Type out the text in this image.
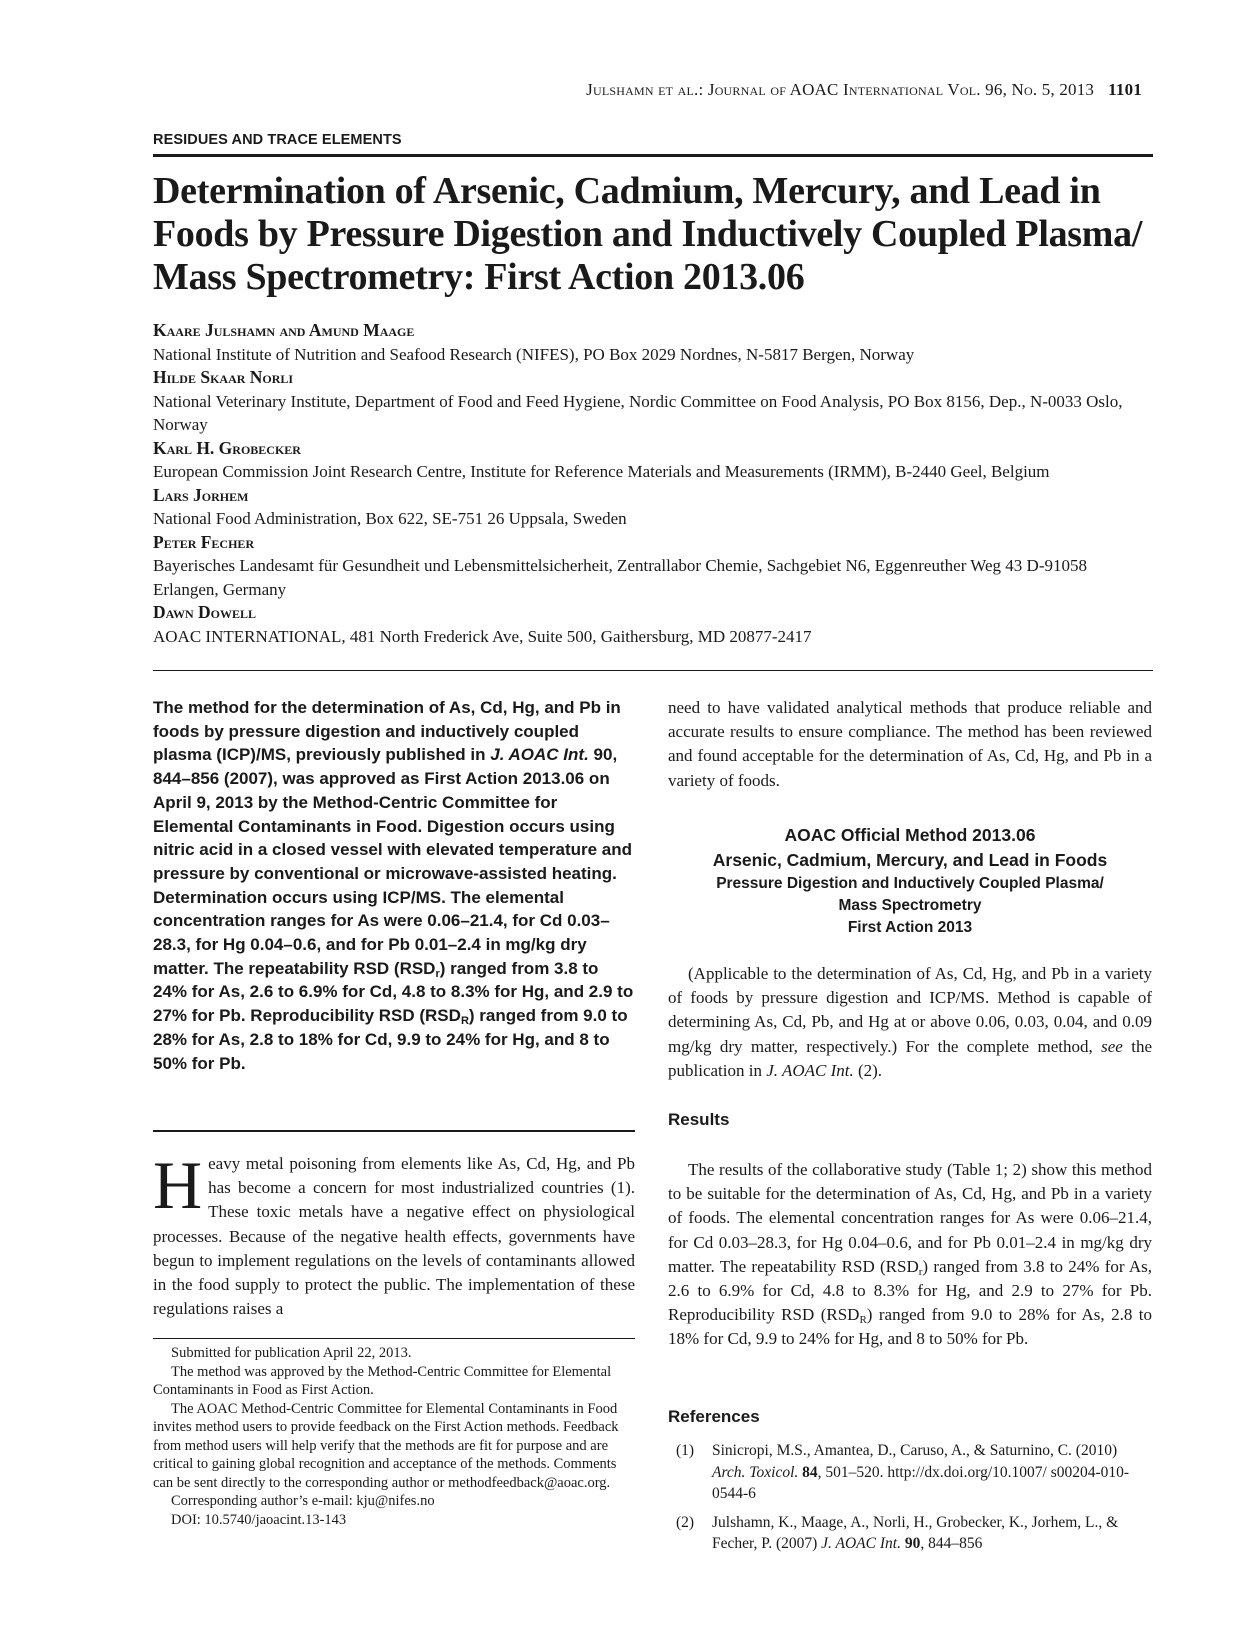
Julshamn et al.: Journal of AOAC International Vol. 96, No. 5, 2013 1101
RESIDUES AND TRACE ELEMENTS
Determination of Arsenic, Cadmium, Mercury, and Lead in Foods by Pressure Digestion and Inductively Coupled Plasma/ Mass Spectrometry: First Action 2013.06
Kaare Julshamn and Amund Maage
National Institute of Nutrition and Seafood Research (NIFES), PO Box 2029 Nordnes, N-5817 Bergen, Norway
Hilde Skaar Norli
National Veterinary Institute, Department of Food and Feed Hygiene, Nordic Committee on Food Analysis, PO Box 8156, Dep., N-0033 Oslo, Norway
Karl H. Grobecker
European Commission Joint Research Centre, Institute for Reference Materials and Measurements (IRMM), B-2440 Geel, Belgium
Lars Jorhem
National Food Administration, Box 622, SE-751 26 Uppsala, Sweden
Peter Fecher
Bayerisches Landesamt für Gesundheit und Lebensmittelsicherheit, Zentrallabor Chemie, Sachgebiet N6, Eggenreuther Weg 43 D-91058 Erlangen, Germany
Dawn Dowell
AOAC INTERNATIONAL, 481 North Frederick Ave, Suite 500, Gaithersburg, MD 20877-2417

The method for the determination of As, Cd, Hg, and Pb in foods by pressure digestion and inductively coupled plasma (ICP)/MS, previously published in J. AOAC Int. 90, 844–856 (2007), was approved as First Action 2013.06 on April 9, 2013 by the Method-Centric Committee for Elemental Contaminants in Food. Digestion occurs using nitric acid in a closed vessel with elevated temperature and pressure by conventional or microwave-assisted heating. Determination occurs using ICP/MS. The elemental concentration ranges for As were 0.06–21.4, for Cd 0.03–28.3, for Hg 0.04–0.6, and for Pb 0.01–2.4 in mg/kg dry matter. The repeatability RSD $(RSD_r)$ ranged from 3.8 to 24% for As, 2.6 to 6.9% for Cd, 4.8 to 8.3% for Hg, and 2.9 to 27% for Pb. Reproducibility RSD $(RSD_R)$ ranged from 9.0 to 28% for As, 2.8 to 18% for Cd, 9.9 to 24% for Hg, and 8 to 50% for Pb.

Heavy metal poisoning from elements like As, Cd, Hg, and Pb has become a concern for most industrialized countries (1). These toxic metals have a negative effect on physiological processes. Because of the negative health effects, governments have begun to implement regulations on the levels of contaminants allowed in the food supply to protect the public. The implementation of these regulations raises a

Submitted for publication April 22, 2013.

The method was approved by the Method-Centric Committee for Elemental Contaminants in Food as First Action.

The AOAC Method-Centric Committee for Elemental Contaminants in Food invites method users to provide feedback on the First Action methods. Feedback from method users will help verify that the methods are fit for purpose and are critical to gaining global recognition and acceptance of the methods. Comments can be sent directly to the corresponding author or methodfeedback@aoac.org.

Corresponding author’s e-mail: kju@nifes.no

DOI: 10.5740/jaoacint.13-143

need to have validated analytical methods that produce reliable and accurate results to ensure compliance. The method has been reviewed and found acceptable for the determination of As, Cd, Hg, and Pb in a variety of foods.

AOAC Official Method 2013.06
Arsenic, Cadmium, Mercury, and Lead in Foods
Pressure Digestion and Inductively Coupled Plasma/
Mass Spectrometry
First Action 2013

(Applicable to the determination of As, Cd, Hg, and Pb in a variety of foods by pressure digestion and ICP/MS. Method is capable of determining As, Cd, Pb, and Hg at or above 0.06, 0.03, 0.04, and 0.09 mg/kg dry matter, respectively.) For the complete method, see the publication in J. AOAC Int. (2).

Results

The results of the collaborative study (Table 1; 2) show this method to be suitable for the determination of As, Cd, Hg, and Pb in a variety of foods. The elemental concentration ranges for As were 0.06–21.4, for Cd 0.03–28.3, for Hg 0.04–0.6, and for Pb 0.01–2.4 in mg/kg dry matter. The repeatability RSD $(RSD_r)$ ranged from 3.8 to 24% for As, 2.6 to 6.9% for Cd, 4.8 to 8.3% for Hg, and 2.9 to 27% for Pb. Reproducibility RSD $(RSD_R)$ ranged from 9.0 to 28% for As, 2.8 to 18% for Cd, 9.9 to 24% for Hg, and 8 to 50% for Pb.

References
(1) Sinicropi, M.S., Amantea, D., Caruso, A., & Saturnino, C. (2010) Arch. Toxicol. 84, 501–520. http://dx.doi.org/10.1007/ s00204-010-0544-6
(2) Julshamn, K., Maage, A., Norli, H., Grobecker, K., Jorhem, L., & Fecher, P. (2007) J. AOAC Int. 90, 844–856
